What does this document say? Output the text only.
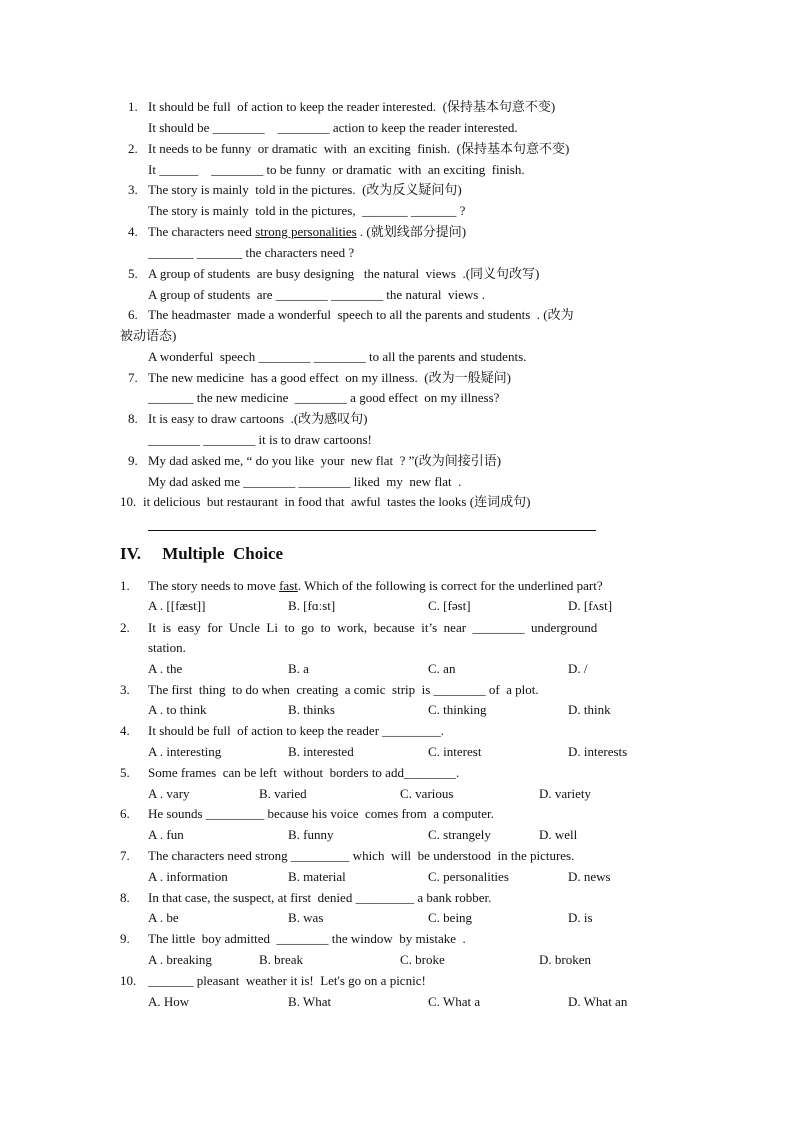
1. It should be full  of action to keep the reader interested.  (保持基本句意不变)
It should be ________    ________ action to keep the reader interested.
2. It needs to be funny  or dramatic  with  an exciting  finish.  (保持基本句意不变)
It ______    ________ to be funny  or dramatic  with  an exciting  finish.
3. The story is mainly  told in the pictures.  (改为反义疑问句)
The story is mainly  told in the pictures,  _______ _______ ?
4. The characters need strong personalities . (就划线部分提问)
_______ _______ the characters need ?
5. A group of students  are busy designing   the natural  views  .(同义句改写)
A group of students  are ________ ________ the natural  views .
6. The headmaster  made a wonderful  speech to all the parents and students  . (改为
被动语态)
A wonderful  speech ________ ________ to all the parents and students.
7. The new medicine  has a good effect  on my illness.  (改为一般疑问)
_______ the new medicine  ________ a good effect  on my illness?
8. It is easy to draw cartoons  .(改为感叹句)
________ ________ it is to draw cartoons!
9. My dad asked me, “ do you like  your  new flat  ? ”(改为间接引语)
My dad asked me ________ ________ liked  my  new flat  .
10. it delicious  but restaurant  in food that  awful  tastes the looks (连词成句)
IV.     Multiple  Choice
1. The story needs to move fast. Which of the following is correct for the underlined part?
A . [[fæst]]	B. [fɑːst]	C. [fəst]	D. [fʌst]
2. It  is  easy  for  Uncle  Li  to  go  to  work,  because  it’s  near  ________  underground
station.
A . the	B. a	C. an	D. /
3. The first  thing  to do when  creating  a comic  strip  is ________ of  a plot.
A . to think	B. thinks	C. thinking	D. think
4. It should be full  of action to keep the reader _________.
A . interesting	B. interested	C. interest	D. interests
5. Some frames  can be left  without  borders to add________.
A . vary	B. varied	C. various	D. variety
6. He sounds _________ because his voice  comes from  a computer.
A . fun	B. funny	C. strangely	D. well
7. The characters need strong _________ which  will  be understood  in the pictures.
A . information	B. material	C. personalities	D. news
8. In that case, the suspect, at first  denied _________ a bank robber.
A . be	B. was	C. being	D. is
9. The little  boy admitted  ________ the window  by mistake  .
A . breaking	B. break	C. broke	D. broken
10. _______ pleasant  weather it is!  Let's go on a picnic!
A. How	B. What	C. What a	D. What an
